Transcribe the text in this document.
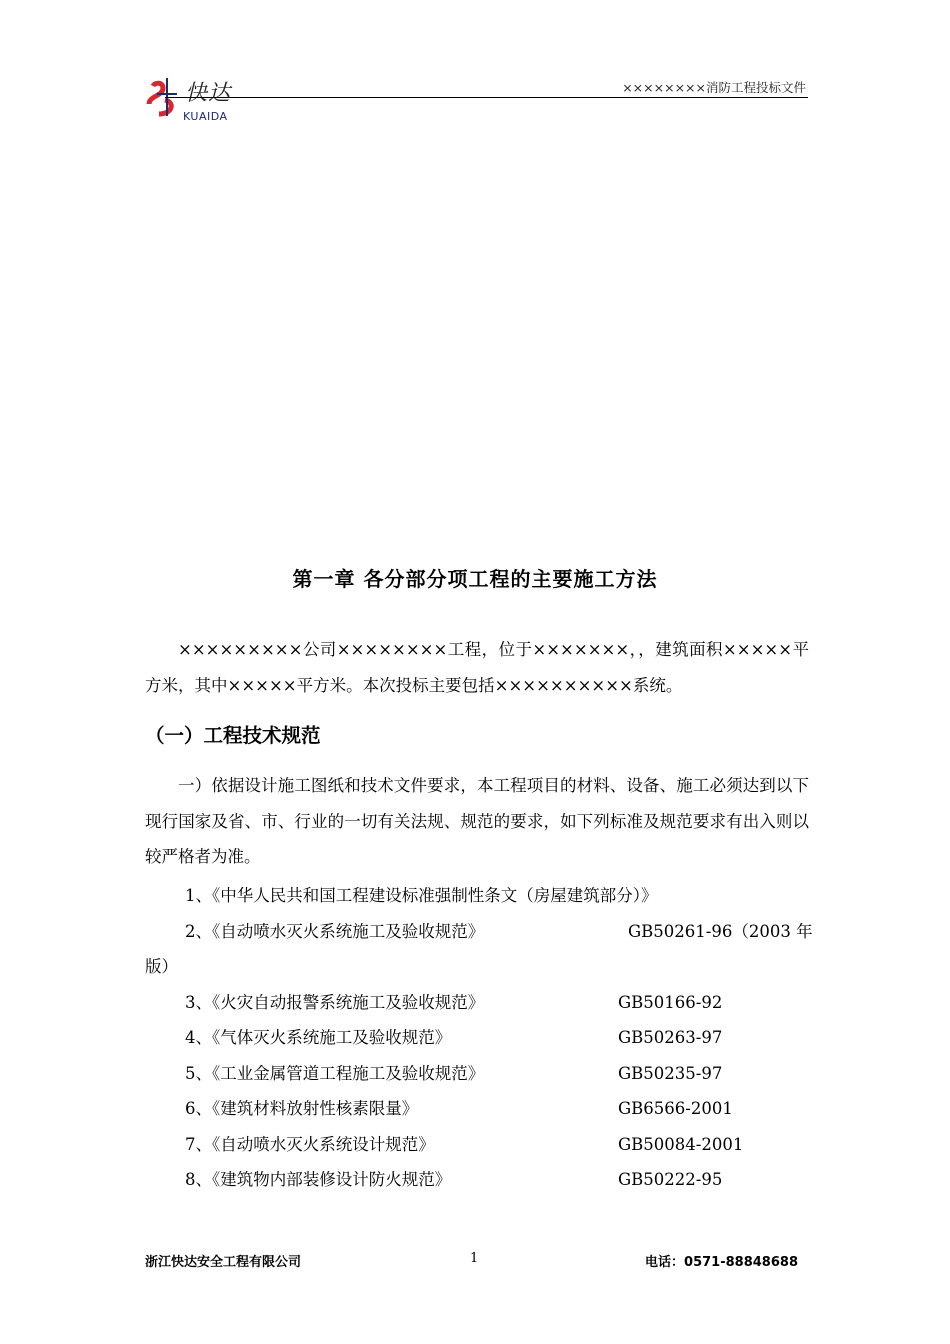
快达
KUAIDA
××××××××消防工程投标文件
第一章 各分部分项工程的主要施工方法
×××××××××公司××××××××工程，位于×××××××，，建筑面积×××××平方米，其中×××××平方米。本次投标主要包括××××××××××系统。
（一）工程技术规范
一）依据设计施工图纸和技术文件要求，本工程项目的材料、设备、施工必须达到以下现行国家及省、市、行业的一切有关法规、规范的要求，如下列标准及规范要求有出入则以较严格者为准。
1、《中华人民共和国工程建设标准强制性条文（房屋建筑部分）》
2、《自动喷水灭火系统施工及验收规范》	GB50261-96（2003 年
版）
3、《火灾自动报警系统施工及验收规范》	GB50166-92
4、《气体灭火系统施工及验收规范》	GB50263-97
5、《工业金属管道工程施工及验收规范》	GB50235-97
6、《建筑材料放射性核素限量》	GB6566-2001
7、《自动喷水灭火系统设计规范》	GB50084-2001
8、《建筑物内部装修设计防火规范》	GB50222-95
浙江快达安全工程有限公司	1	电话：0571-88848688
